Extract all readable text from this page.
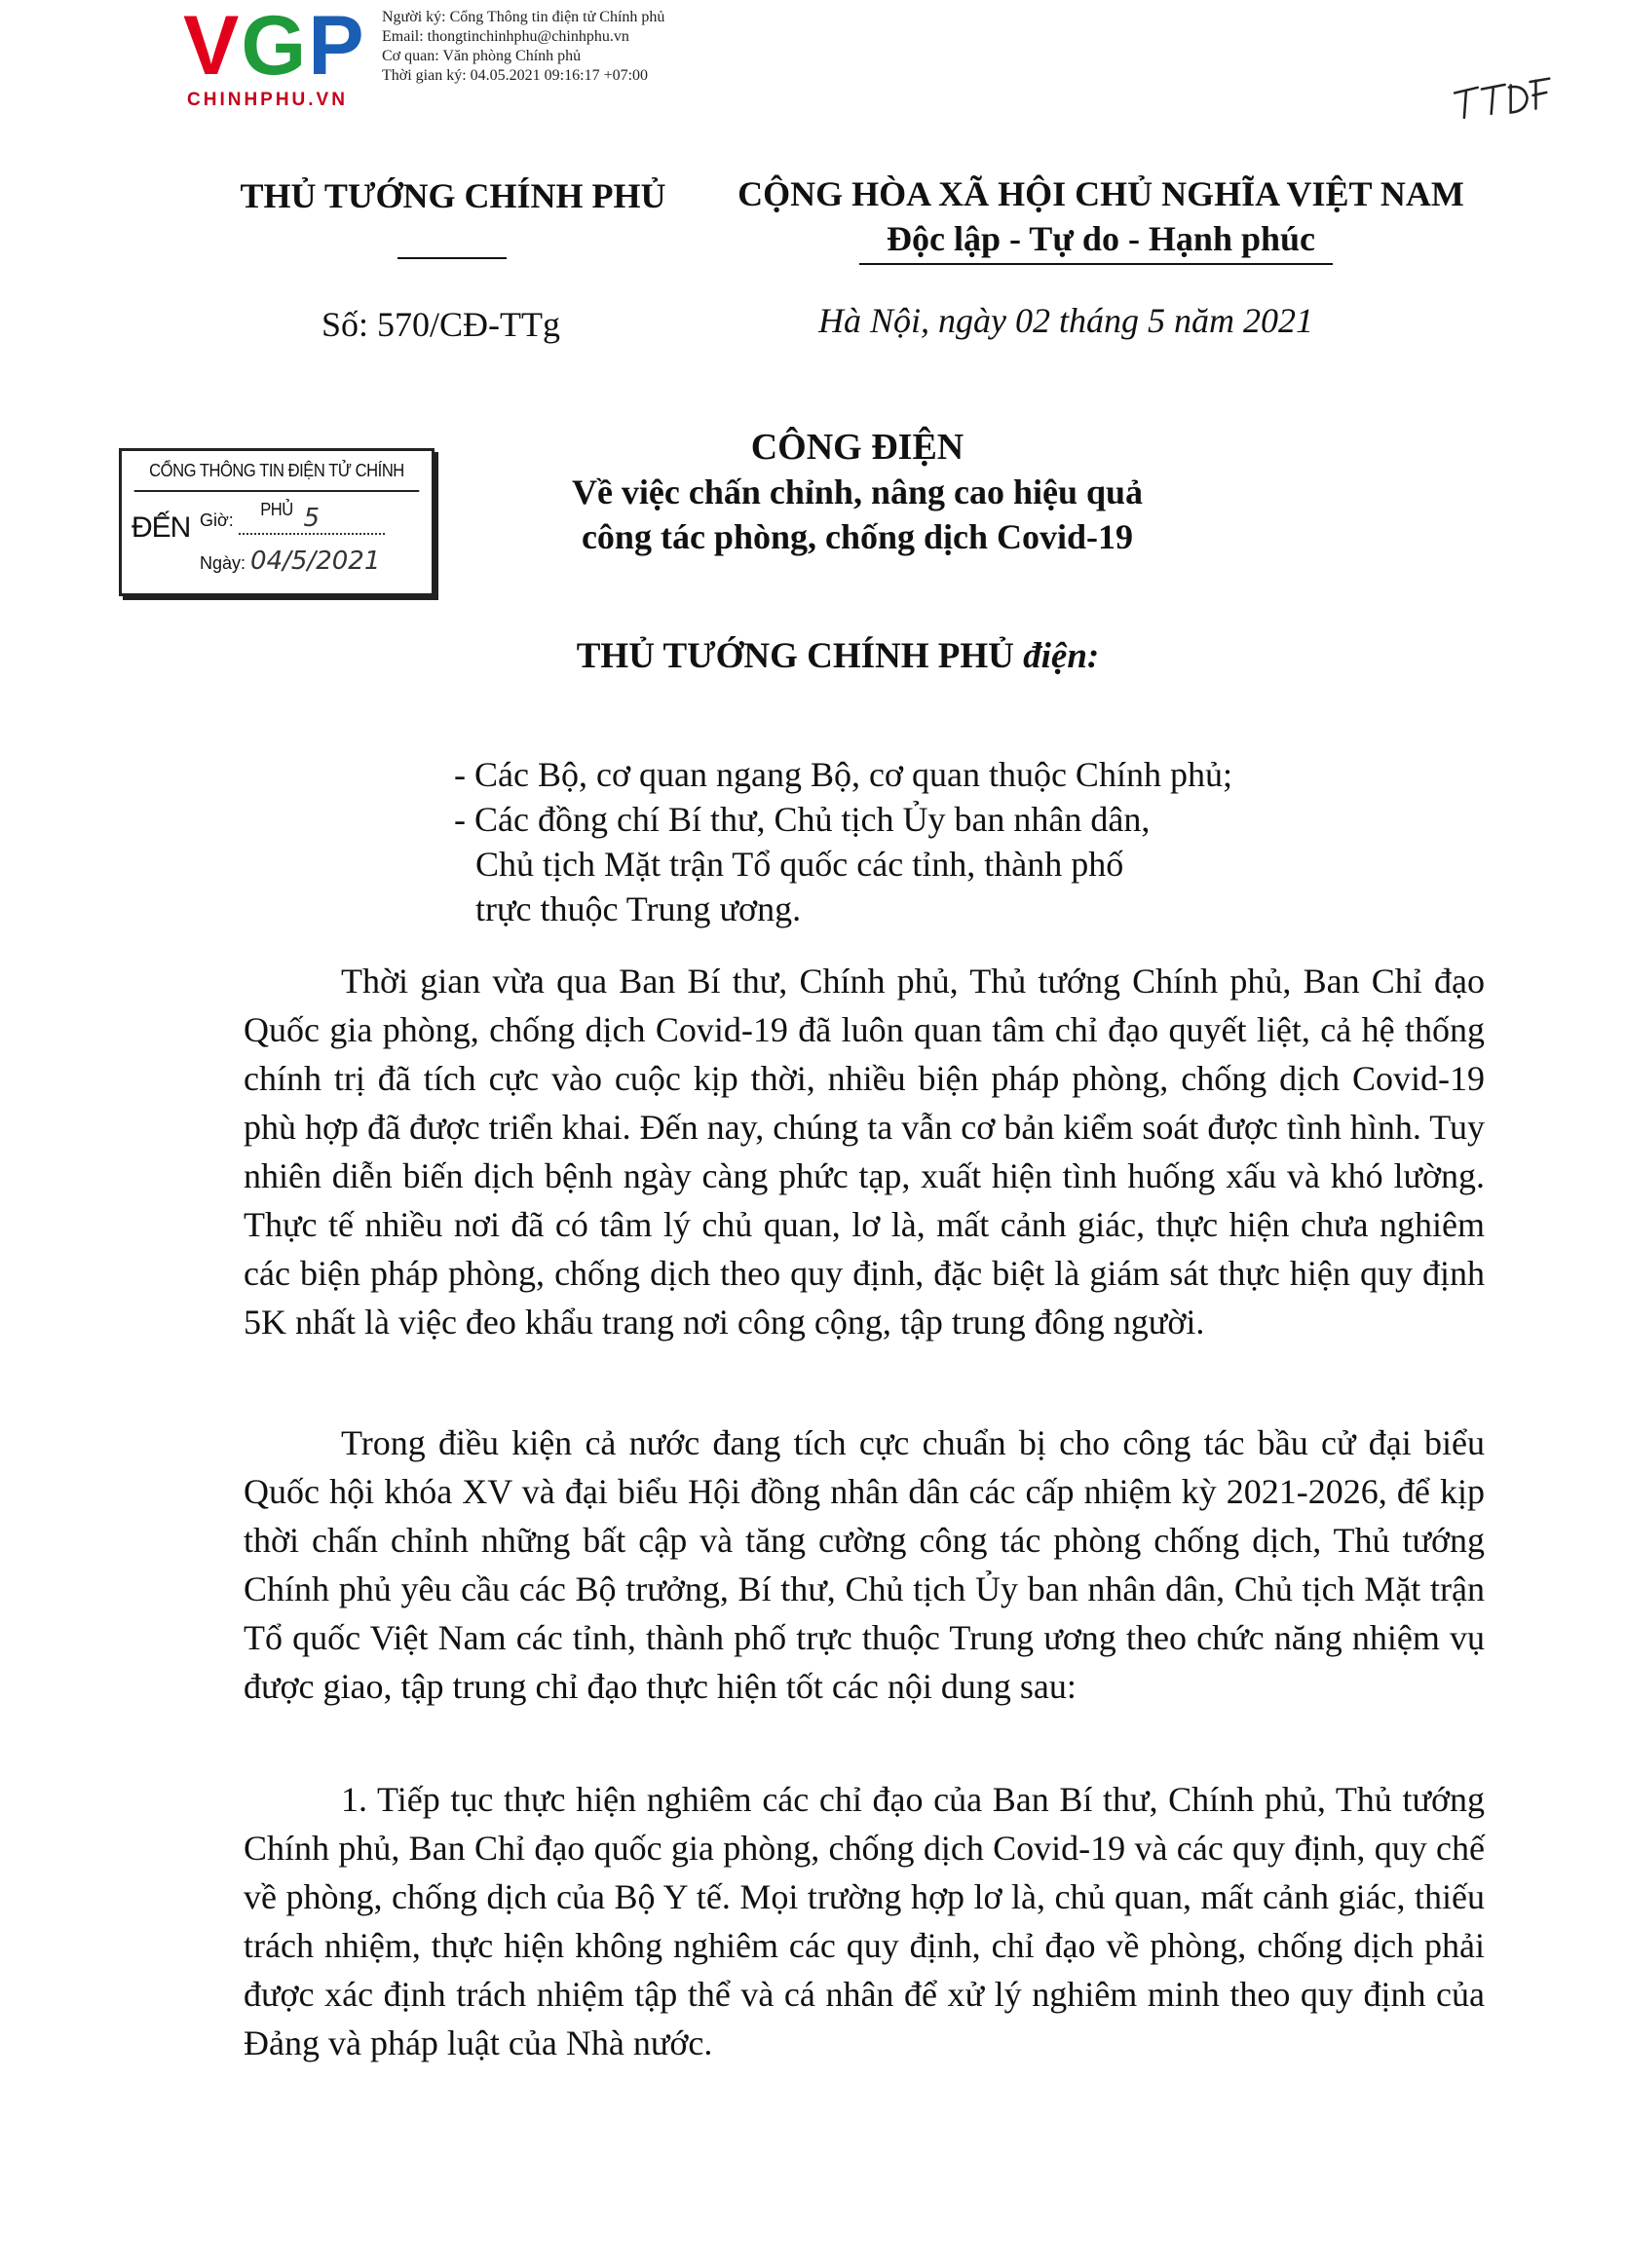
VGP
CHINHPHU.VN
Người ký: Cổng Thông tin điện tử Chính phủ
Email: thongtinchinhphu@chinhphu.vn
Cơ quan: Văn phòng Chính phủ
Thời gian ký: 04.05.2021 09:16:17 +07:00
THỦ TƯỚNG CHÍNH PHỦ	CỘNG HÒA XÃ HỘI CHỦ NGHĨA VIỆT NAM
Độc lập - Tự do - Hạnh phúc
Số: 570/CĐ-TTg	Hà Nội, ngày 02 tháng 5 năm 2021
CỔNG THÔNG TIN ĐIỆN TỬ CHÍNH PHỦ
ĐẾN Giờ:	5
Ngày: 04/5/2021
CÔNG ĐIỆN
Về việc chấn chỉnh, nâng cao hiệu quả
công tác phòng, chống dịch Covid-19
THỦ TƯỚNG CHÍNH PHỦ điện:
- Các Bộ, cơ quan ngang Bộ, cơ quan thuộc Chính phủ;
- Các đồng chí Bí thư, Chủ tịch Ủy ban nhân dân,
Chủ tịch Mặt trận Tổ quốc các tỉnh, thành phố
trực thuộc Trung ương.

Thời gian vừa qua Ban Bí thư, Chính phủ, Thủ tướng Chính phủ, Ban Chỉ đạo Quốc gia phòng, chống dịch Covid-19 đã luôn quan tâm chỉ đạo quyết liệt, cả hệ thống chính trị đã tích cực vào cuộc kịp thời, nhiều biện pháp phòng, chống dịch Covid-19 phù hợp đã được triển khai. Đến nay, chúng ta vẫn cơ bản kiểm soát được tình hình. Tuy nhiên diễn biến dịch bệnh ngày càng phức tạp, xuất hiện tình huống xấu và khó lường. Thực tế nhiều nơi đã có tâm lý chủ quan, lơ là, mất cảnh giác, thực hiện chưa nghiêm các biện pháp phòng, chống dịch theo quy định, đặc biệt là giám sát thực hiện quy định 5K nhất là việc đeo khẩu trang nơi công cộng, tập trung đông người.

Trong điều kiện cả nước đang tích cực chuẩn bị cho công tác bầu cử đại biểu Quốc hội khóa XV và đại biểu Hội đồng nhân dân các cấp nhiệm kỳ 2021-2026, để kịp thời chấn chỉnh những bất cập và tăng cường công tác phòng chống dịch, Thủ tướng Chính phủ yêu cầu các Bộ trưởng, Bí thư, Chủ tịch Ủy ban nhân dân, Chủ tịch Mặt trận Tổ quốc Việt Nam các tỉnh, thành phố trực thuộc Trung ương theo chức năng nhiệm vụ được giao, tập trung chỉ đạo thực hiện tốt các nội dung sau:

1. Tiếp tục thực hiện nghiêm các chỉ đạo của Ban Bí thư, Chính phủ, Thủ tướng Chính phủ, Ban Chỉ đạo quốc gia phòng, chống dịch Covid-19 và các quy định, quy chế về phòng, chống dịch của Bộ Y tế. Mọi trường hợp lơ là, chủ quan, mất cảnh giác, thiếu trách nhiệm, thực hiện không nghiêm các quy định, chỉ đạo về phòng, chống dịch phải được xác định trách nhiệm tập thể và cá nhân để xử lý nghiêm minh theo quy định của Đảng và pháp luật của Nhà nước.
